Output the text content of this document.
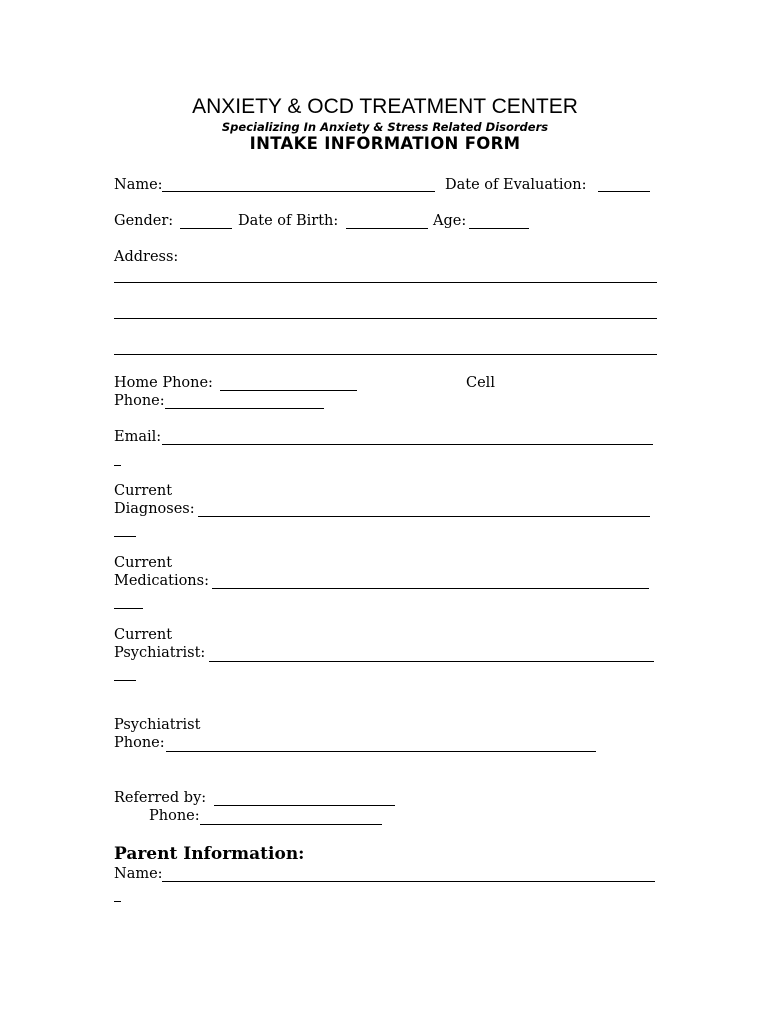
ANXIETY & OCD TREATMENT CENTER
Specializing In Anxiety & Stress Related Disorders
INTAKE INFORMATION FORM
Name:	Date of Evaluation:
Gender:	Date of Birth:	Age:
Address:
Home Phone:	Cell
Phone:
Email:
Current
Diagnoses:
Current
Medications:
Current
Psychiatrist:
Psychiatrist
Phone:
Referred by:
Phone:
Parent Information:
Name:
